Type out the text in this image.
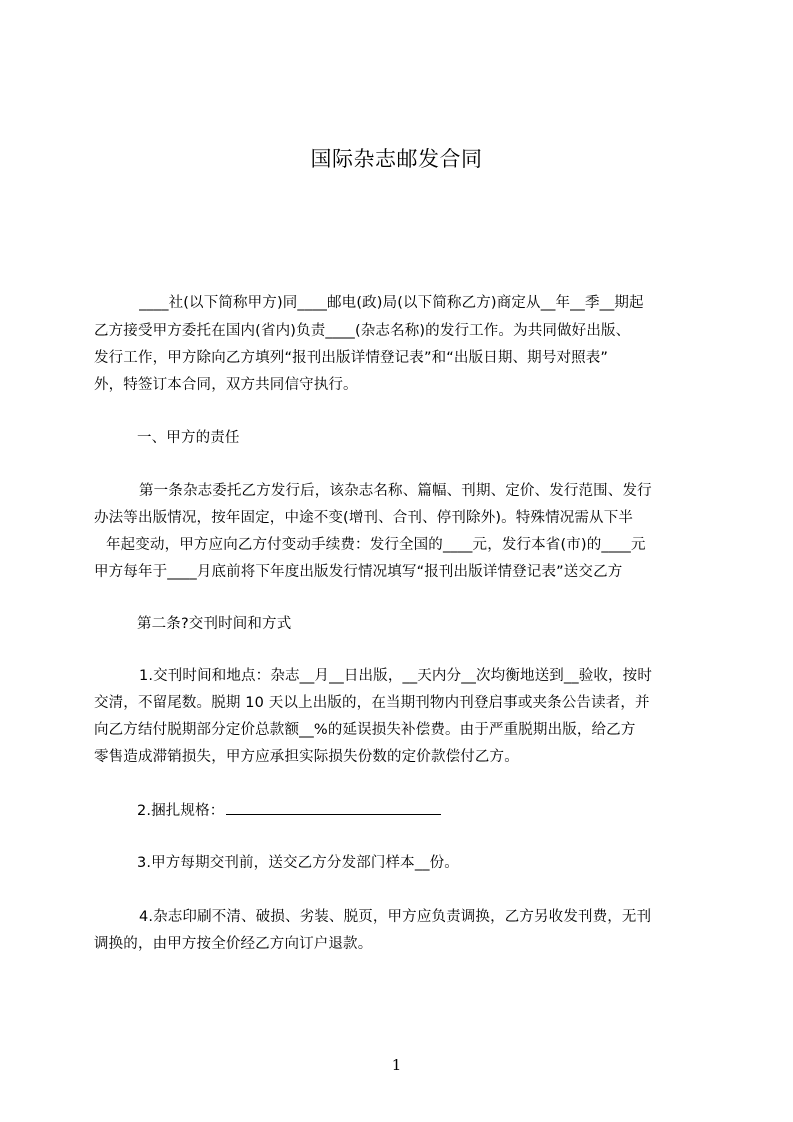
国际杂志邮发合同
____社(以下简称甲方)同____邮电(政)局(以下简称乙方)商定从__年__季__期起
乙方接受甲方委托在国内(省内)负责____(杂志名称)的发行工作。为共同做好出版、
发行工作，甲方除向乙方填列“报刊出版详情登记表”和“出版日期、期号对照表”
外，特签订本合同，双方共同信守执行。
一、甲方的责任
第一条杂志委托乙方发行后，该杂志名称、篇幅、刊期、定价、发行范围、发行
办法等出版情况，按年固定，中途不变(增刊、合刊、停刊除外)。特殊情况需从下半
年起变动，甲方应向乙方付变动手续费：发行全国的____元，发行本省(市)的____元
甲方每年于____月底前将下年度出版发行情况填写“报刊出版详情登记表”送交乙方
第二条?交刊时间和方式
1.交刊时间和地点：杂志__月__日出版，__天内分__次均衡地送到__验收，按时
交清，不留尾数。脱期 10 天以上出版的，在当期刊物内刊登启事或夹条公告读者，并
向乙方结付脱期部分定价总款额__%的延误损失补偿费。由于严重脱期出版，给乙方
零售造成滞销损失，甲方应承担实际损失份数的定价款偿付乙方。
2.捆扎规格：
3.甲方每期交刊前，送交乙方分发部门样本__份。
4.杂志印刷不清、破损、劣装、脱页，甲方应负责调换，乙方另收发刊费，无刊
调换的，由甲方按全价经乙方向订户退款。
1
